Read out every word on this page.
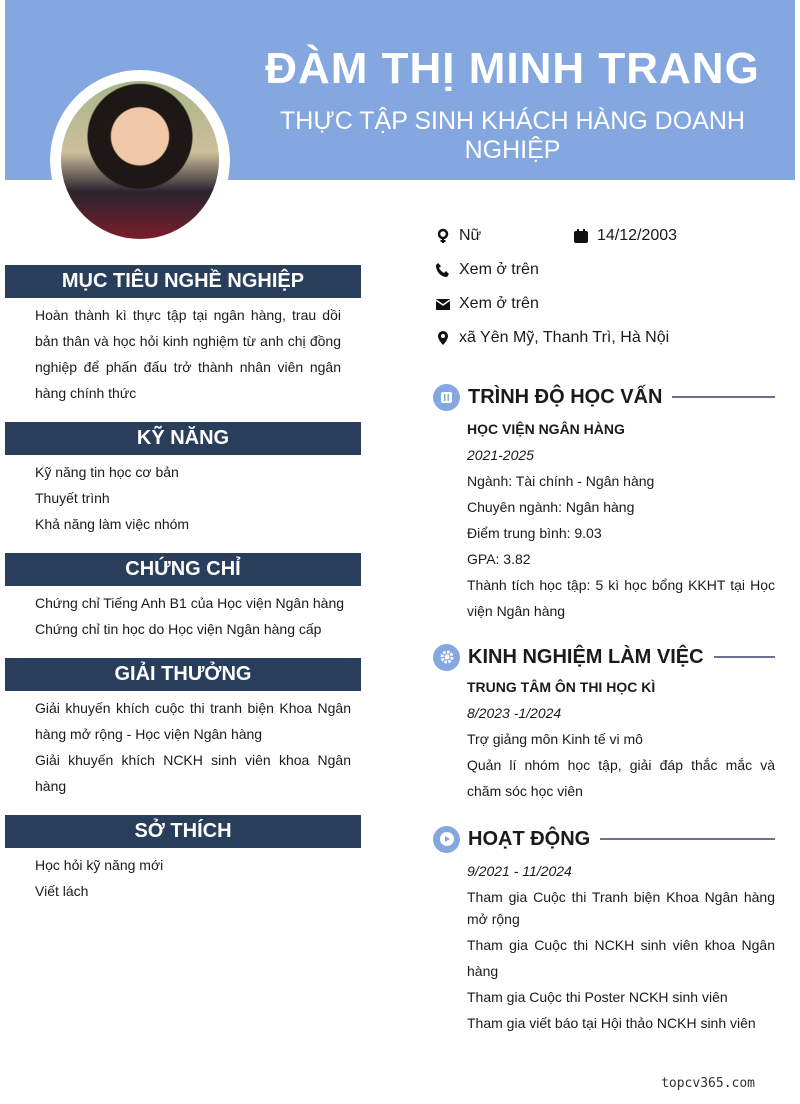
ĐÀM THỊ MINH TRANG
THỰC TẬP SINH KHÁCH HÀNG DOANH NGHIỆP
Nữ	14/12/2003
Xem ở trên
Xem ở trên
xã Yên Mỹ, Thanh Trì, Hà Nội
MỤC TIÊU NGHỀ NGHIỆP
Hoàn thành kì thực tập tại ngân hàng, trau dồi bản thân và học hỏi kinh nghiệm từ anh chị đồng nghiệp để phấn đấu trở thành nhân viên ngân hàng chính thức
KỸ NĂNG
Kỹ năng tin học cơ bản
Thuyết trình
Khả năng làm việc nhóm
CHỨNG CHỈ
Chứng chỉ Tiếng Anh B1 của Học viện Ngân hàng
Chứng chỉ tin học do Học viện Ngân hàng cấp
GIẢI THƯỞNG
Giải khuyến khích cuộc thi tranh biện Khoa Ngân hàng mở rộng - Học viện Ngân hàng
Giải khuyến khích NCKH sinh viên khoa Ngân hàng
SỞ THÍCH
Học hỏi kỹ năng mới
Viết lách
TRÌNH ĐỘ HỌC VẤN
HỌC VIỆN NGÂN HÀNG
2021-2025
Ngành: Tài chính - Ngân hàng
Chuyên ngành: Ngân hàng
Điểm trung bình: 9.03
GPA: 3.82
Thành tích học tập: 5 kì học bổng KKHT tại Học viện Ngân hàng
KINH NGHIỆM LÀM VIỆC
TRUNG TÂM ÔN THI HỌC KÌ
8/2023 -1/2024
Trợ giảng môn Kinh tế vi mô
Quản lí nhóm học tập, giải đáp thắc mắc và chăm sóc học viên
HOẠT ĐỘNG
9/2021 - 11/2024
Tham gia Cuộc thi Tranh biện Khoa Ngân hàng mở rộng
Tham gia Cuộc thi NCKH sinh viên khoa Ngân hàng
Tham gia Cuộc thi Poster NCKH sinh viên
Tham gia viết báo tại Hội thảo NCKH sinh viên
topcv365.com
